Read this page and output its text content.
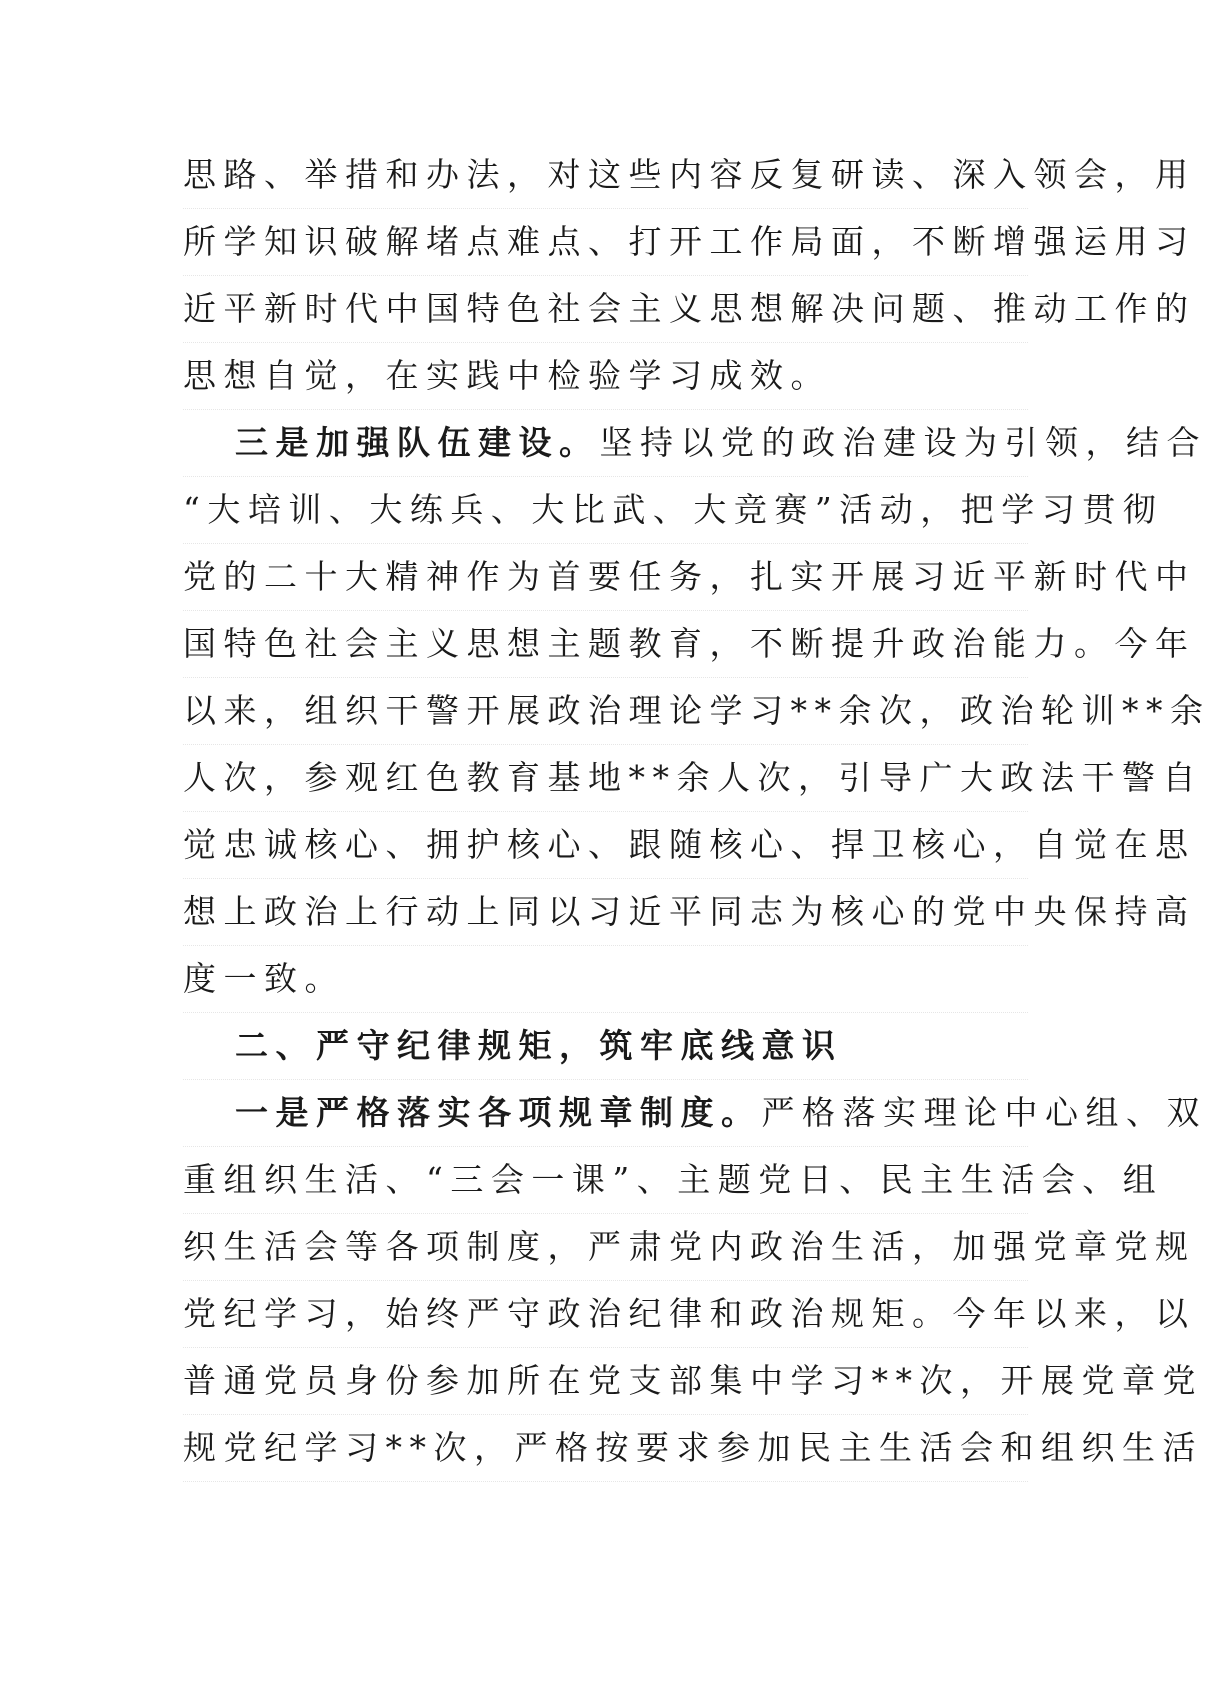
思路、举措和办法，对这些内容反复研读、深入领会，用
所学知识破解堵点难点、打开工作局面，不断增强运用习
近平新时代中国特色社会主义思想解决问题、推动工作的
思想自觉，在实践中检验学习成效。
三是加强队伍建设。坚持以党的政治建设为引领，结合
“大培训、大练兵、大比武、大竞赛”活动，把学习贯彻
党的二十大精神作为首要任务，扎实开展习近平新时代中
国特色社会主义思想主题教育，不断提升政治能力。今年
以来，组织干警开展政治理论学习**余次，政治轮训**余
人次，参观红色教育基地**余人次，引导广大政法干警自
觉忠诚核心、拥护核心、跟随核心、捍卫核心，自觉在思
想上政治上行动上同以习近平同志为核心的党中央保持高
度一致。
二、严守纪律规矩，筑牢底线意识
一是严格落实各项规章制度。严格落实理论中心组、双
重组织生活、“三会一课”、主题党日、民主生活会、组
织生活会等各项制度，严肃党内政治生活，加强党章党规
党纪学习，始终严守政治纪律和政治规矩。今年以来，以
普通党员身份参加所在党支部集中学习**次，开展党章党
规党纪学习**次，严格按要求参加民主生活会和组织生活
